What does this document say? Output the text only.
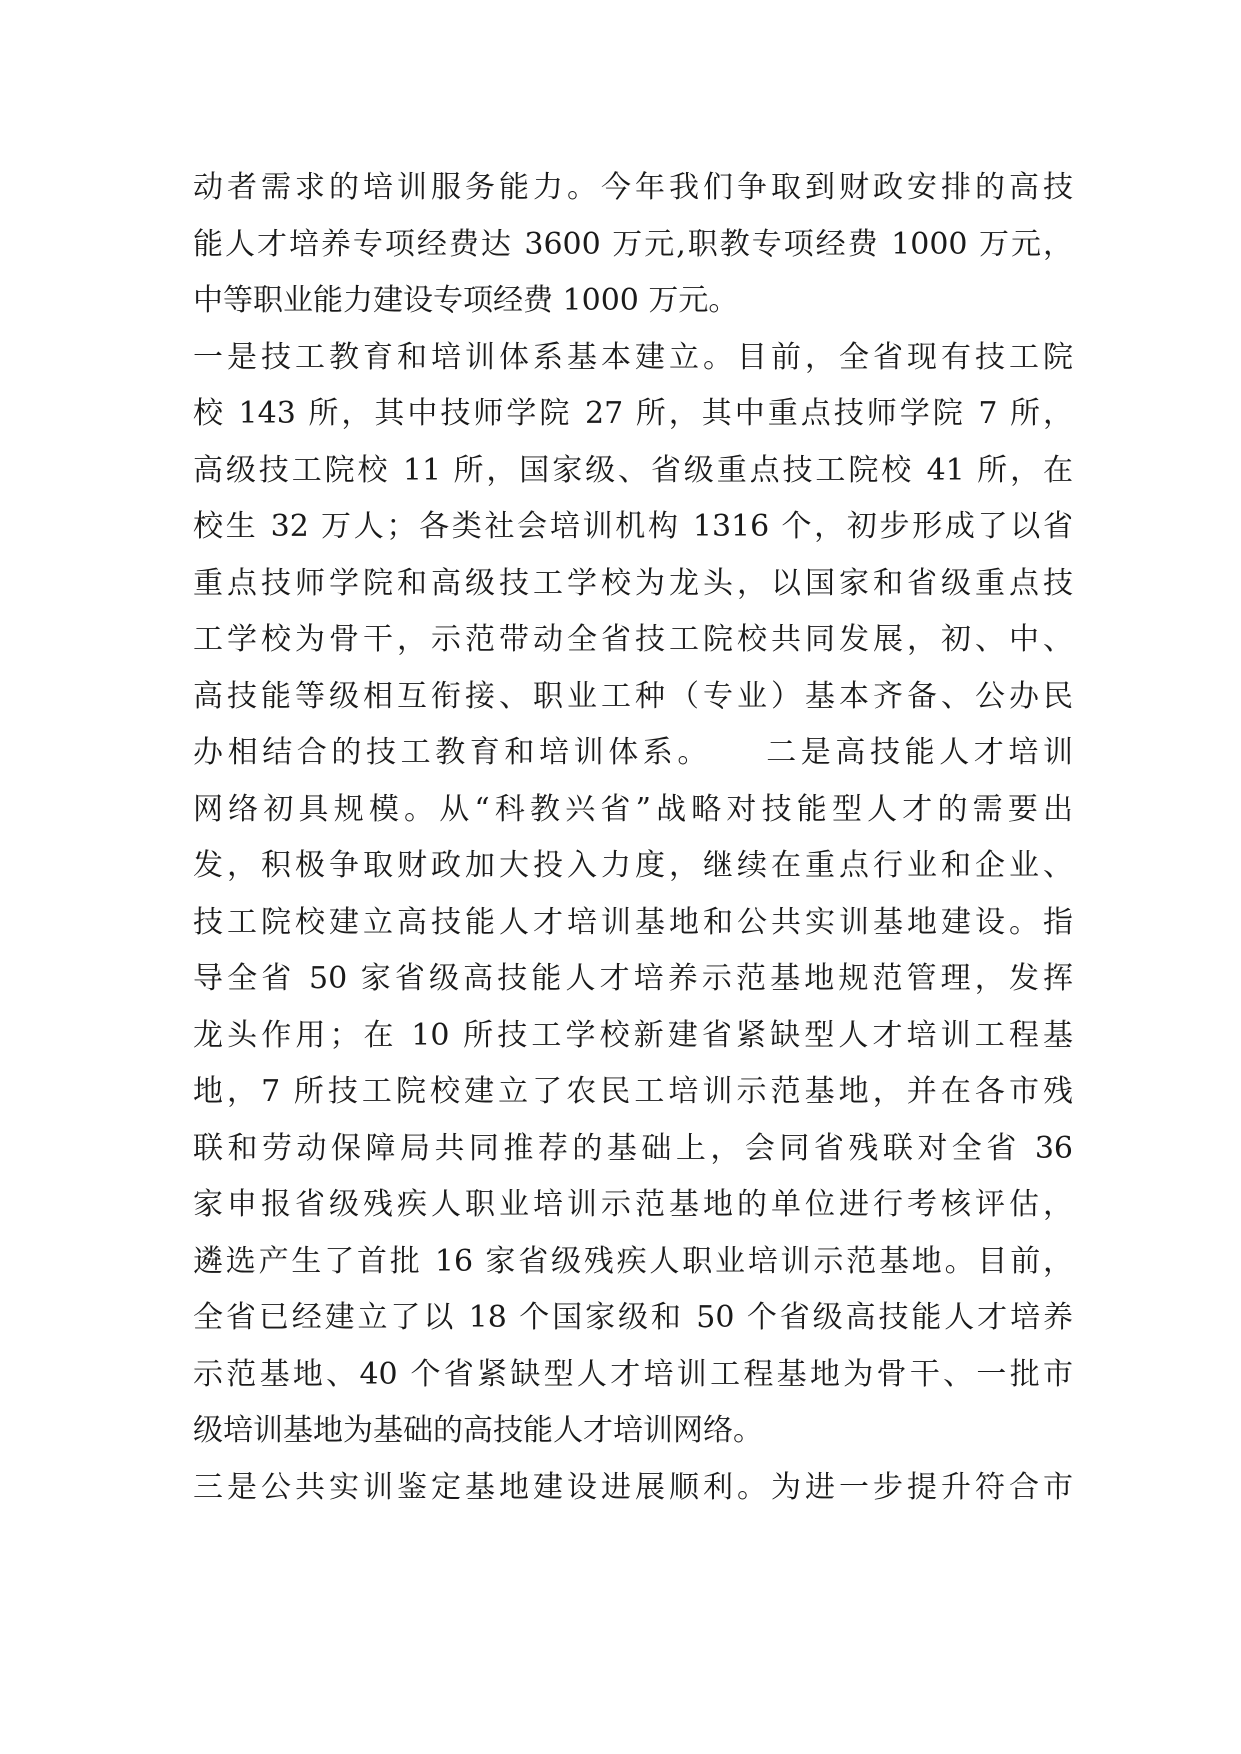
动者需求的培训服务能力。今年我们争取到财政安排的高技
能人才培养专项经费达 3600 万元,职教专项经费 1000 万元，
中等职业能力建设专项经费 1000 万元。
一是技工教育和培训体系基本建立。目前，全省现有技工院
校 143 所，其中技师学院 27 所，其中重点技师学院 7 所，
高级技工院校 11 所，国家级、省级重点技工院校 41 所，在
校生 32 万人；各类社会培训机构 1316 个，初步形成了以省
重点技师学院和高级技工学校为龙头，以国家和省级重点技
工学校为骨干，示范带动全省技工院校共同发展，初、中、
高技能等级相互衔接、职业工种（专业）基本齐备、公办民
办相结合的技工教育和培训体系。　　二是高技能人才培训
网络初具规模。从“科教兴省”战略对技能型人才的需要出
发，积极争取财政加大投入力度，继续在重点行业和企业、
技工院校建立高技能人才培训基地和公共实训基地建设。指
导全省 50 家省级高技能人才培养示范基地规范管理，发挥
龙头作用；在 10 所技工学校新建省紧缺型人才培训工程基
地，7 所技工院校建立了农民工培训示范基地，并在各市残
联和劳动保障局共同推荐的基础上，会同省残联对全省 36
家申报省级残疾人职业培训示范基地的单位进行考核评估，
遴选产生了首批 16 家省级残疾人职业培训示范基地。目前，
全省已经建立了以 18 个国家级和 50 个省级高技能人才培养
示范基地、40 个省紧缺型人才培训工程基地为骨干、一批市
级培训基地为基础的高技能人才培训网络。
三是公共实训鉴定基地建设进展顺利。为进一步提升符合市
